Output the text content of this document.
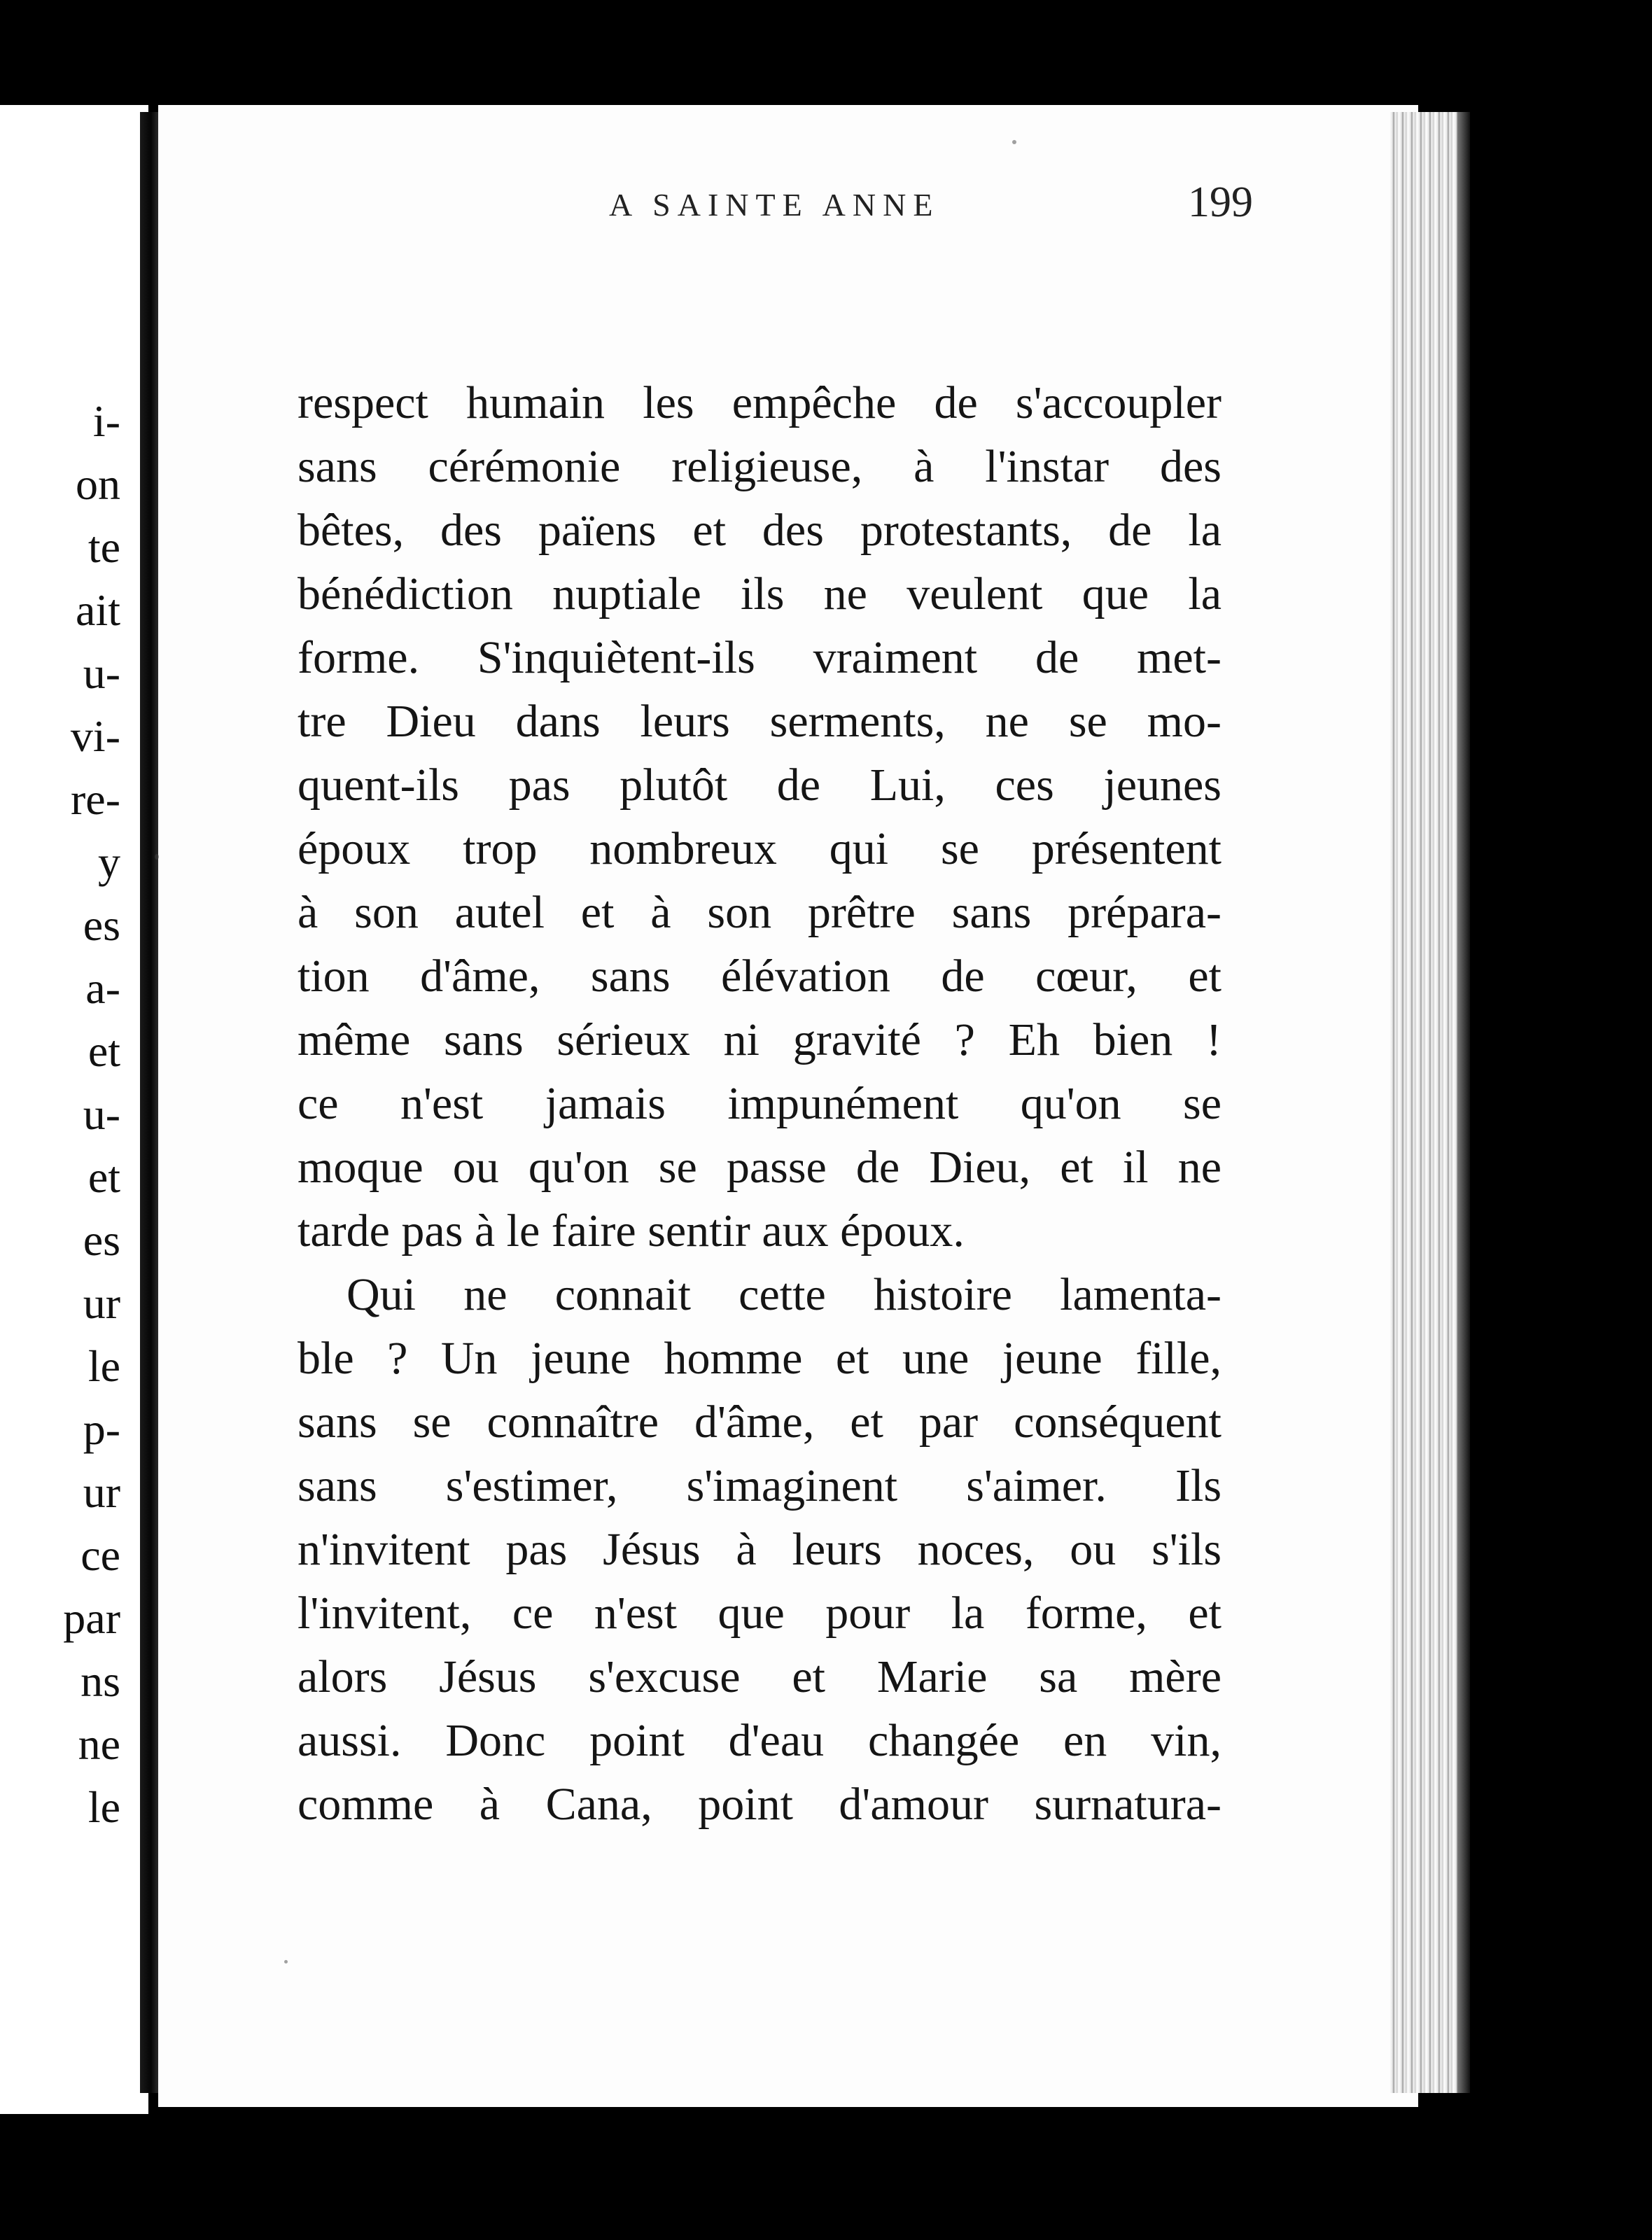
i-
on
te
ait
u-
vi-
re-
y
es
a-
et
u-
et
es
ur
le
p-
ur
ce
par
ns
ne
le
A SAINTE ANNE	199
respect humain les empêche de s'accoupler
sans cérémonie religieuse, à l'instar des
bêtes, des païens et des protestants, de la
bénédiction nuptiale ils ne veulent que la
forme. S'inquiètent-ils vraiment de met-
tre Dieu dans leurs serments, ne se mo-
quent-ils pas plutôt de Lui, ces jeunes
époux trop nombreux qui se présentent
à son autel et à son prêtre sans prépara-
tion d'âme, sans élévation de cœur, et
même sans sérieux ni gravité ? Eh bien !
ce n'est jamais impunément qu'on se
moque ou qu'on se passe de Dieu, et il ne
tarde pas à le faire sentir aux époux.
Qui ne connait cette histoire lamenta-
ble ? Un jeune homme et une jeune fille,
sans se connaître d'âme, et par conséquent
sans s'estimer, s'imaginent s'aimer. Ils
n'invitent pas Jésus à leurs noces, ou s'ils
l'invitent, ce n'est que pour la forme, et
alors Jésus s'excuse et Marie sa mère
aussi. Donc point d'eau changée en vin,
comme à Cana, point d'amour surnatura-
